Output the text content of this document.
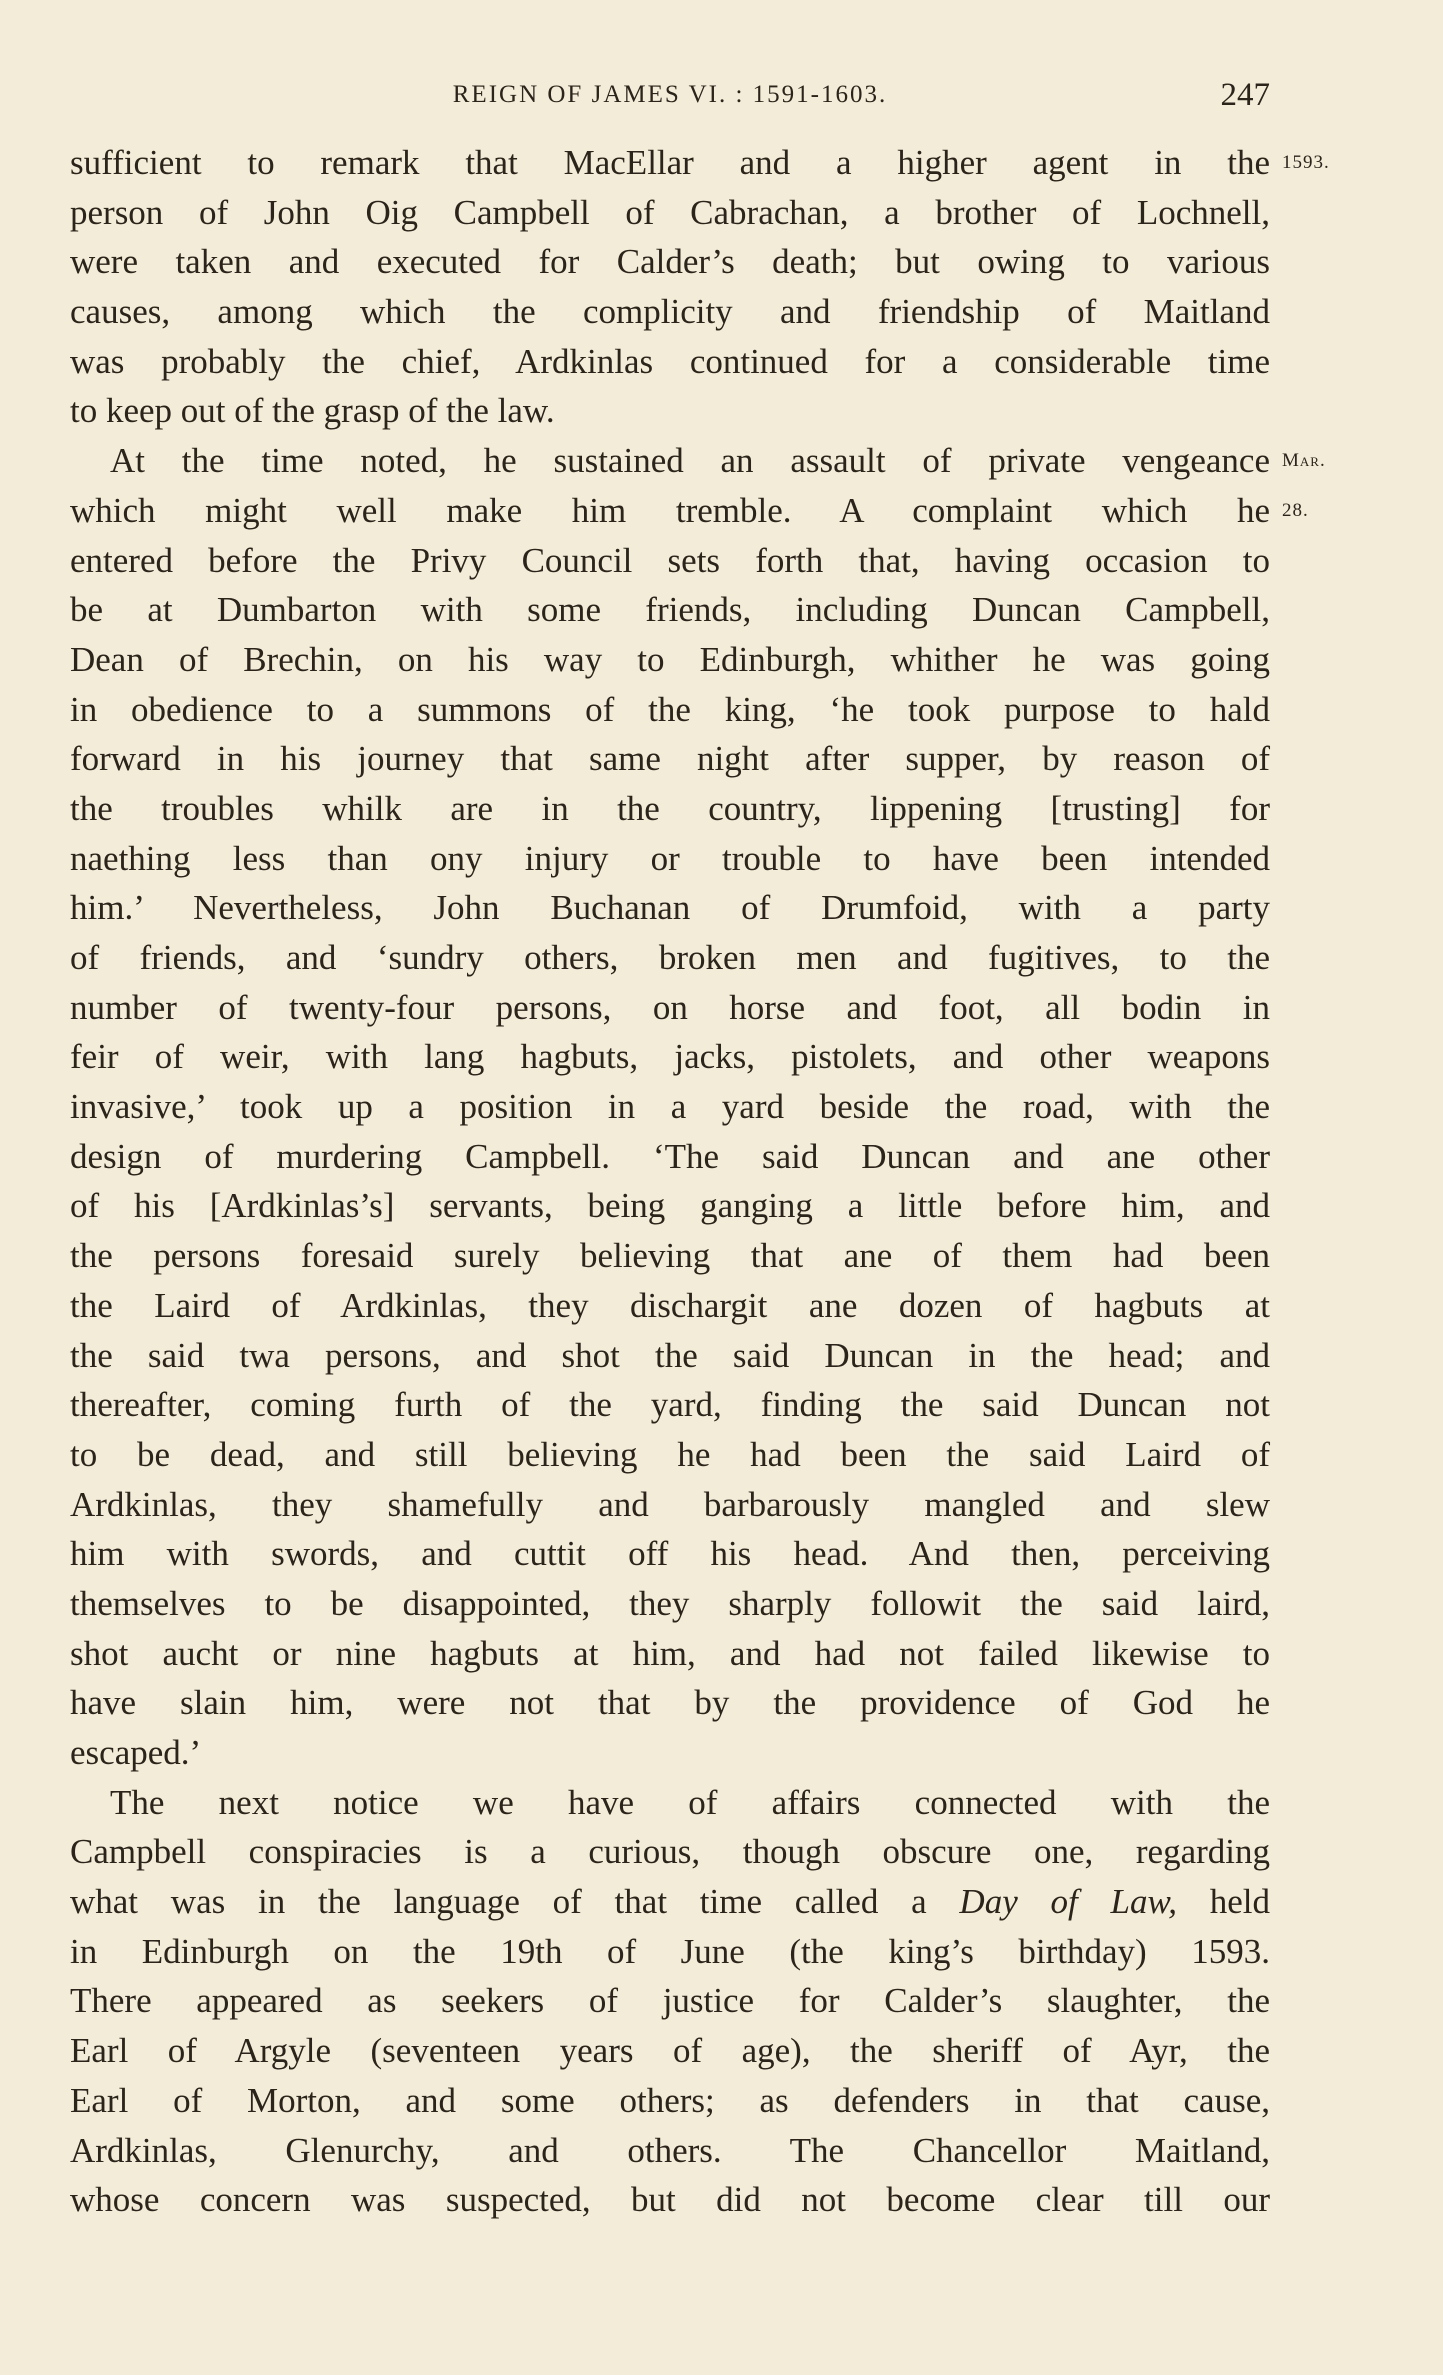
REIGN OF JAMES VI. : 1591-1603.	247
sufficient to remark that MacEllar and a higher agent in the
person of John Oig Campbell of Cabrachan, a brother of Lochnell,
were taken and executed for Calder’s death; but owing to various
causes, among which the complicity and friendship of Maitland
was probably the chief, Ardkinlas continued for a considerable time
to keep out of the grasp of the law.
At the time noted, he sustained an assault of private vengeance
which might well make him tremble. A complaint which he
entered before the Privy Council sets forth that, having occasion to
be at Dumbarton with some friends, including Duncan Campbell,
Dean of Brechin, on his way to Edinburgh, whither he was going
in obedience to a summons of the king, ‘he took purpose to hald
forward in his journey that same night after supper, by reason of
the troubles whilk are in the country, lippening [trusting] for
naething less than ony injury or trouble to have been intended
him.’ Nevertheless, John Buchanan of Drumfoid, with a party
of friends, and ‘sundry others, broken men and fugitives, to the
number of twenty-four persons, on horse and foot, all bodin in
feir of weir, with lang hagbuts, jacks, pistolets, and other weapons
invasive,’ took up a position in a yard beside the road, with the
design of murdering Campbell. ‘The said Duncan and ane other
of his [Ardkinlas’s] servants, being ganging a little before him, and
the persons foresaid surely believing that ane of them had been
the Laird of Ardkinlas, they dischargit ane dozen of hagbuts at
the said twa persons, and shot the said Duncan in the head; and
thereafter, coming furth of the yard, finding the said Duncan not
to be dead, and still believing he had been the said Laird of
Ardkinlas, they shamefully and barbarously mangled and slew
him with swords, and cuttit off his head. And then, perceiving
themselves to be disappointed, they sharply followit the said laird,
shot aucht or nine hagbuts at him, and had not failed likewise to
have slain him, were not that by the providence of God he
escaped.’
The next notice we have of affairs connected with the
Campbell conspiracies is a curious, though obscure one, regarding
what was in the language of that time called a Day of Law, held
in Edinburgh on the 19th of June (the king’s birthday) 1593.
There appeared as seekers of justice for Calder’s slaughter, the
Earl of Argyle (seventeen years of age), the sheriff of Ayr, the
Earl of Morton, and some others; as defenders in that cause,
Ardkinlas, Glenurchy, and others. The Chancellor Maitland,
whose concern was suspected, but did not become clear till our
1593.
Mar. 28.
